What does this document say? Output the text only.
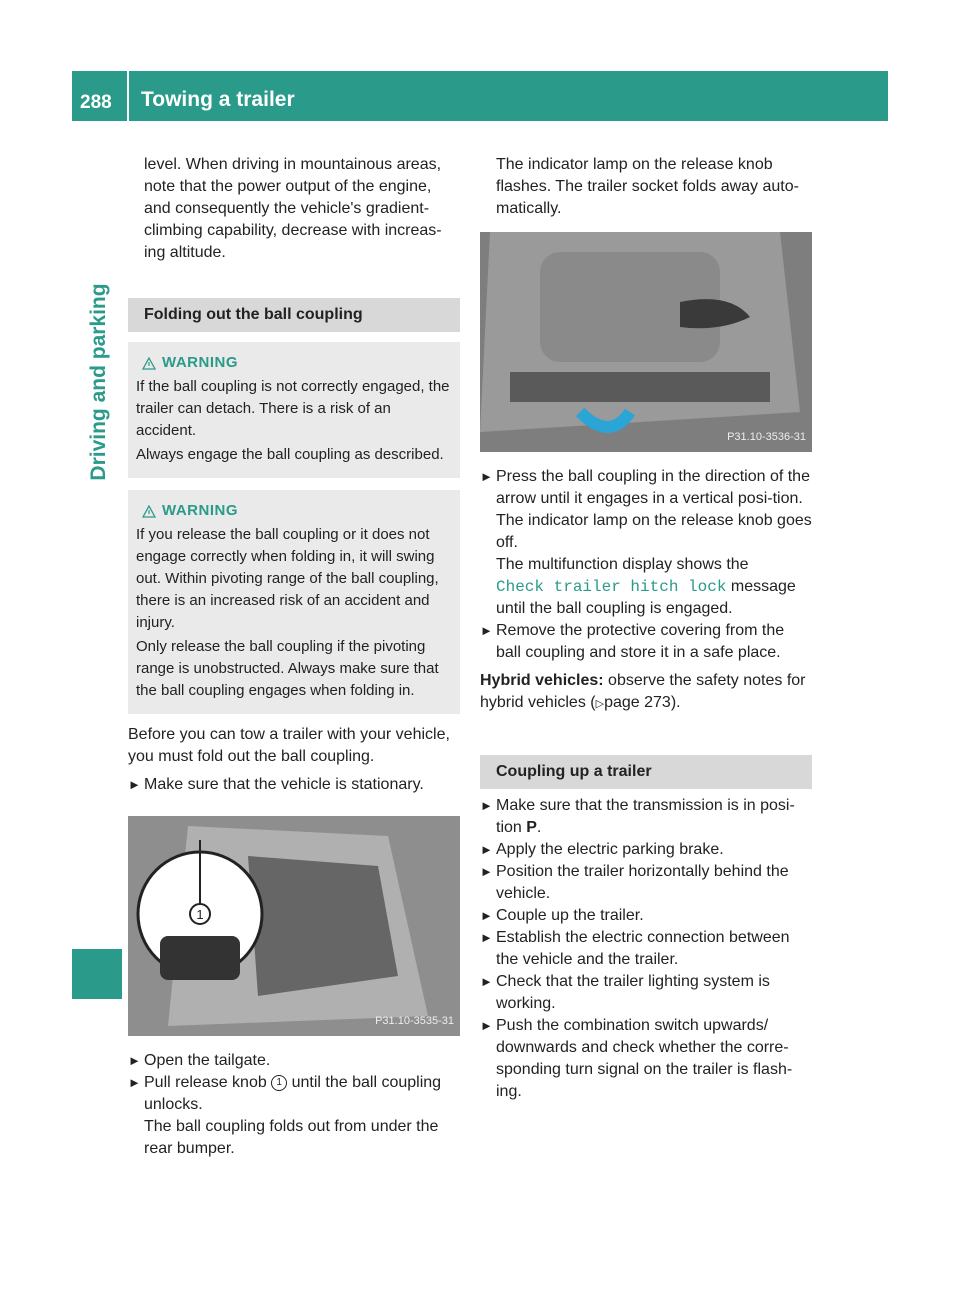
288 Towing a trailer
Driving and parking

level. When driving in mountainous areas,

note that the power output of the engine,

and consequently the vehicle's gradient-

climbing capability, decrease with increas-

ing altitude.

Folding out the ball coupling
WARNING

If the ball coupling is not correctly engaged, the trailer can detach. There is a risk of an accident.

Always engage the ball coupling as described.

WARNING

If you release the ball coupling or it does not engage correctly when folding in, it will swing out. Within pivoting range of the ball coupling, there is an increased risk of an accident and injury.

Only release the ball coupling if the pivoting range is unobstructed. Always make sure that the ball coupling engages when folding in.

Before you can tow a trailer with your vehicle, you must fold out the ball coupling.

► Make sure that the vehicle is stationary.

1
P31.10-3535-31

► Open the tailgate.

► Pull release knob 1 until the ball coupling unlocks.

The ball coupling folds out from under the rear bumper.

The indicator lamp on the release knob flashes. The trailer socket folds away auto-matically.

P31.10-3536-31

► Press the ball coupling in the direction of the arrow until it engages in a vertical posi-tion.

The indicator lamp on the release knob goes off.

The multifunction display shows the

Check trailer hitch lock message until the ball coupling is engaged.

► Remove the protective covering from the ball coupling and store it in a safe place.

Hybrid vehicles: observe the safety notes for hybrid vehicles (▷page 273).

Coupling up a trailer

► Make sure that the transmission is in posi-tion P.

► Apply the electric parking brake.

► Position the trailer horizontally behind the vehicle.

► Couple up the trailer.

► Establish the electric connection between the vehicle and the trailer.

► Check that the trailer lighting system is working.

► Push the combination switch upwards/ downwards and check whether the corre-sponding turn signal on the trailer is flash-ing.
